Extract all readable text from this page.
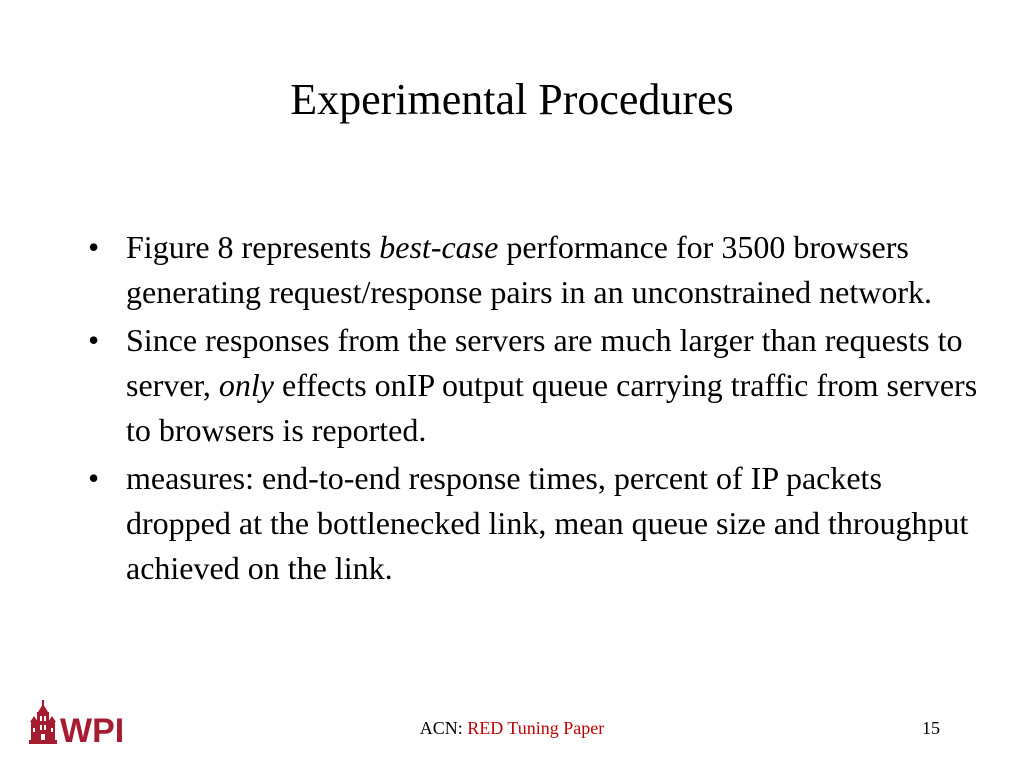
Experimental Procedures
• Figure 8 represents best-case performance for 3500 browsers generating request/response pairs in an unconstrained network.
• Since responses from the servers are much larger than requests to server, only effects onIP output queue carrying traffic from servers to browsers is reported.
• measures: end-to-end response times, percent of IP packets dropped at the bottlenecked link, mean queue size and throughput achieved on the link.
WPI	ACN: RED Tuning Paper	15
